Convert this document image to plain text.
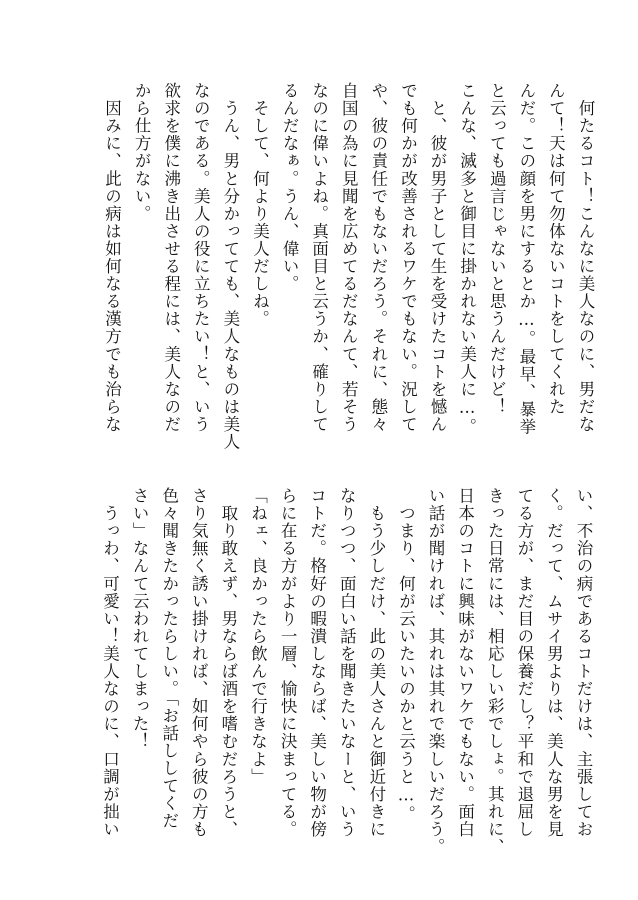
　何たるコト！こんなに美人なのに、男だな
んて！天は何て勿体ないコトをしてくれた
んだ。この顔を男にするとか…。最早、暴挙
と云っても過言じゃないと思うんだけど！
こんな、滅多と御目に掛かれない美人に…。
　と、彼が男子として生を受けたコトを憾ん
でも何かが改善されるワケでもない。況して
や、彼の責任でもないだろう。それに、態々
自国の為に見聞を広めてるだなんて、若そう
なのに偉いよね。真面目と云うか、確りして
るんだなぁ。うん、偉い。
　そして、何より美人だしね。
　うん、男と分かってても、美人なものは美人
なのである。美人の役に立ちたい！と、いう
欲求を僕に沸き出させる程には、美人なのだ
から仕方がない。
　因みに、此の病は如何なる漢方でも治らな
い、不治の病であるコトだけは、主張してお
く。だって、ムサイ男よりは、美人な男を見
てる方が、まだ目の保養だし？平和で退屈し
きった日常には、相応しい彩でしょ。其れに、
日本のコトに興味がないワケでもない。面白
い話が聞ければ、其れは其れで楽しいだろう。
　つまり、何が云いたいのかと云うと…。
　もう少しだけ、此の美人さんと御近付きに
なりつつ、面白い話を聞きたいなーと、いう
コトだ。格好の暇潰しならば、美しい物が傍
らに在る方がより一層、愉快に決まってる。
「ねェ、良かったら飲んで行きなよ」
　取り敢えず、男ならば酒を嗜むだろうと、
さり気無く誘い掛ければ、如何やら彼の方も
色々聞きたかったらしい。「お話ししてくだ
さい」なんて云われてしまった！
　うっわ、可愛い！美人なのに、口調が拙い
